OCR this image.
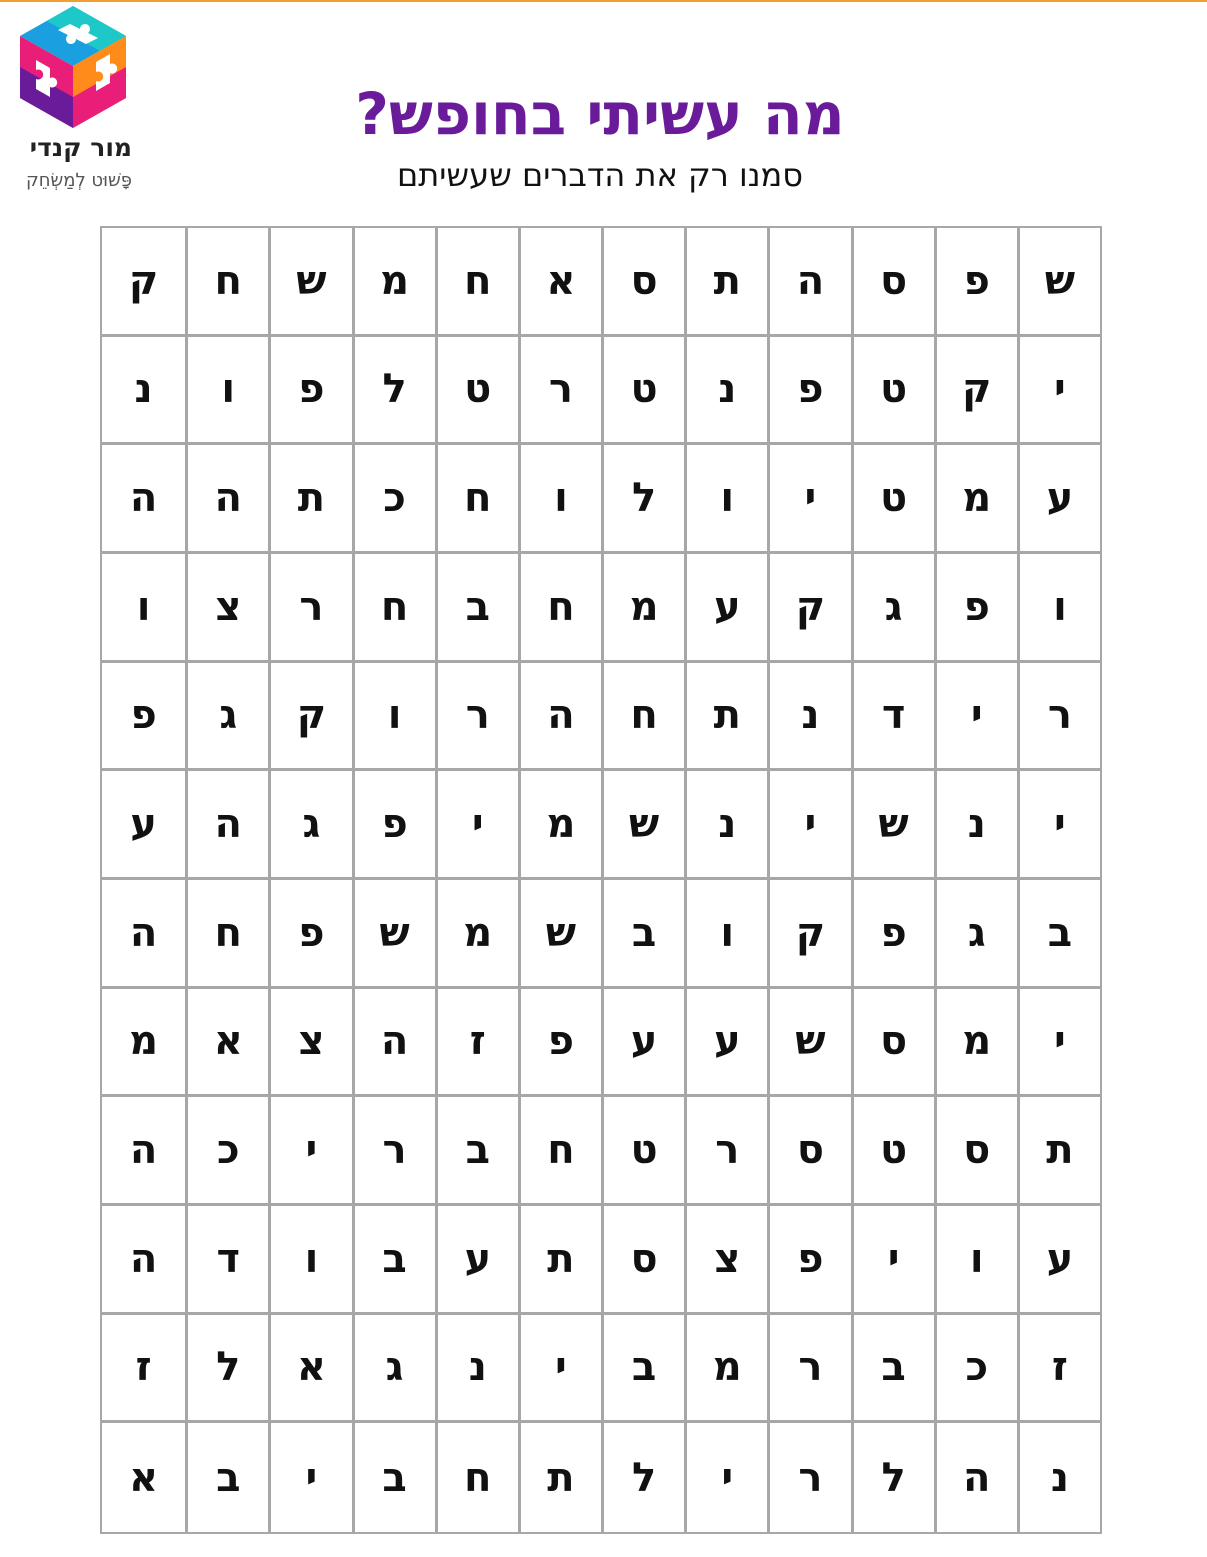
מור קנדי
פָּשׁוּט לְמַשְׂחֵק
מה עשיתי בחופש?
סמנו רק את הדברים שעשיתם
ש
פ
ס
ה
ת
ס
א
ח
מ
ש
ח
ק
י
ק
ט
פ
נ
ט
ר
ט
ל
פ
ו
נ
ע
מ
ט
י
ו
ל
ו
ח
כ
ת
ה
ה
ו
פ
ג
ק
ע
מ
ח
ב
ח
ר
צ
ו
ר
י
ד
נ
ת
ח
ה
ר
ו
ק
ג
פ
י
נ
ש
י
נ
ש
מ
י
פ
ג
ה
ע
ב
ג
פ
ק
ו
ב
ש
מ
ש
פ
ח
ה
י
מ
ס
ש
ע
ע
פ
ז
ה
צ
א
מ
ת
ס
ט
ס
ר
ט
ח
ב
ר
י
כ
ה
ע
ו
י
פ
צ
ס
ת
ע
ב
ו
ד
ה
ז
כ
ב
ר
מ
ב
י
נ
ג
א
ל
ז
נ
ה
ל
ר
י
ל
ת
ח
ב
י
ב
א
